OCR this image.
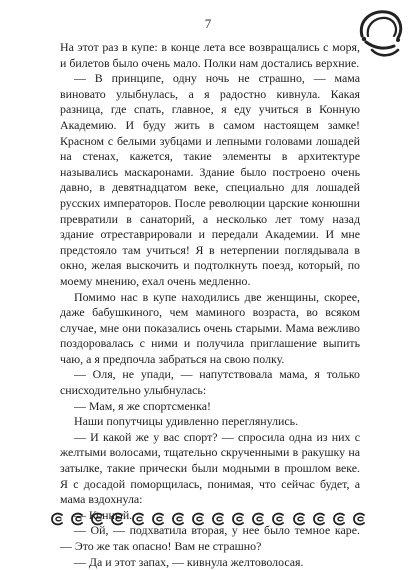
7

На этот раз в купе: в конце лета все возвращались с моря, и билетов было очень мало. Полки нам достались верхние.

— В принципе, одну ночь не страшно, — мама виновато улыбнулась, а я радостно кивнула. Какая разница, где спать, главное, я еду учиться в Конную Академию. И буду жить в самом настоящем замке! Красном с белыми зубцами и лепными головами лошадей на стенах, кажется, такие элементы в архитектуре назывались маскаронами. Здание было построено очень давно, в девятнадцатом веке, специально для лошадей русских императоров. После революции царские конюшни превратили в санаторий, а несколько лет тому назад здание отреставрировали и передали Академии. И мне предстояло там учиться! Я в нетерпении поглядывала в окно, желая выскочить и подтолкнуть поезд, который, по моему мнению, ехал очень медленно.

Помимо нас в купе находились две женщины, скорее, даже бабушкиного, чем маминого возраста, во всяком случае, мне они показались очень старыми. Мама вежливо поздоровалась с ними и получила приглашение выпить чаю, а я предпочла забраться на свою полку.

— Оля, не упади, — напутствовала мама, я только снисходительно улыбнулась:

— Мам, я же спортсменка!

Наши попутчицы удивленно переглянулись.

— И какой же у вас спорт? — спросила одна из них с желтыми волосами, тщательно скрученными в ракушку на затылке, такие прически были модными в прошлом веке. Я с досадой поморщилась, понимая, что сейчас будет, а мама вздохнула:

— Конный.

— Ой, — подхватила вторая, у нее было темное каре. — Это же так опасно! Вам не страшно?

— Да и этот запах, — кивнула желтоволосая.
